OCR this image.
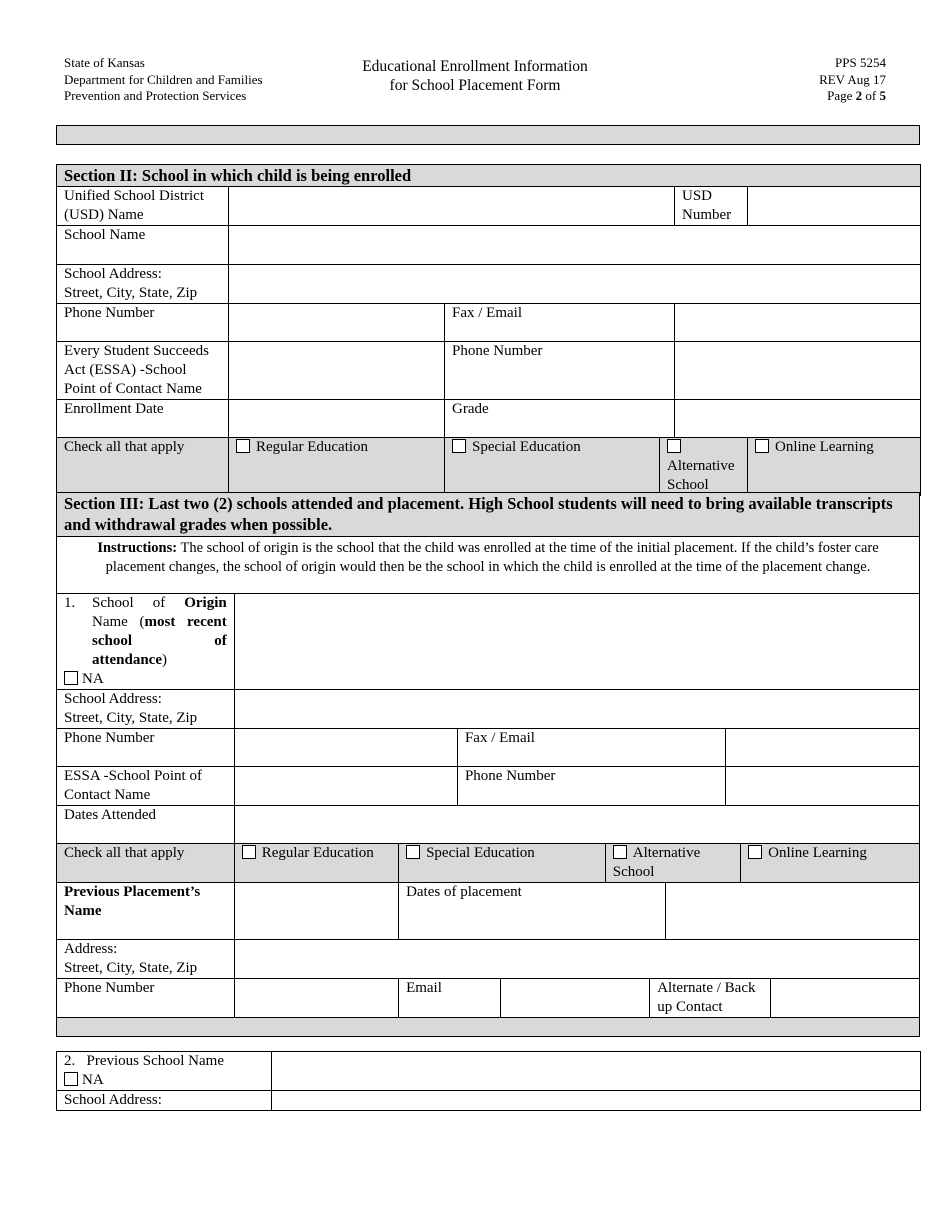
State of Kansas
Department for Children and Families
Prevention and Protection Services
Educational Enrollment Information
for School Placement Form
PPS 5254
REV Aug 17
Page 2 of 5
Section II: School in which child is being enrolled					
Unified School District (USD) Name				USD Number	
School Name					
School Address:
Street, City, State, Zip					
Phone Number		Fax / Email			
Every Student Succeeds Act (ESSA) -School Point of Contact Name		Phone Number			
Enrollment Date		Grade			
Check all that apply	Regular Education	Special Education	Alternative School		Online Learning
Section III: Last two (2) schools attended and placement. High School students will need to bring available transcripts and withdrawal grades when possible.										
Instructions: The school of origin is the school that the child was enrolled at the time of the initial placement. If the child’s foster care placement changes, the school of origin would then be the school in which the child is enrolled at the time of the placement change.										

1. School of Origin Name (most recent school of attendance)
NA										

School Address:
Street, City, State, Zip										
Phone Number			Fax / Email							
ESSA -School Point of Contact Name			Phone Number							
Dates Attended										
Check all that apply	Regular Education	Special Education			Alternative School				Online Learning	
Previous Placement’s Name		Dates of placement								
Address:
Street, City, State, Zip										
Phone Number		Email				Alternate / Back up Contact				

2. Previous School Name
NA	

School Address:	
